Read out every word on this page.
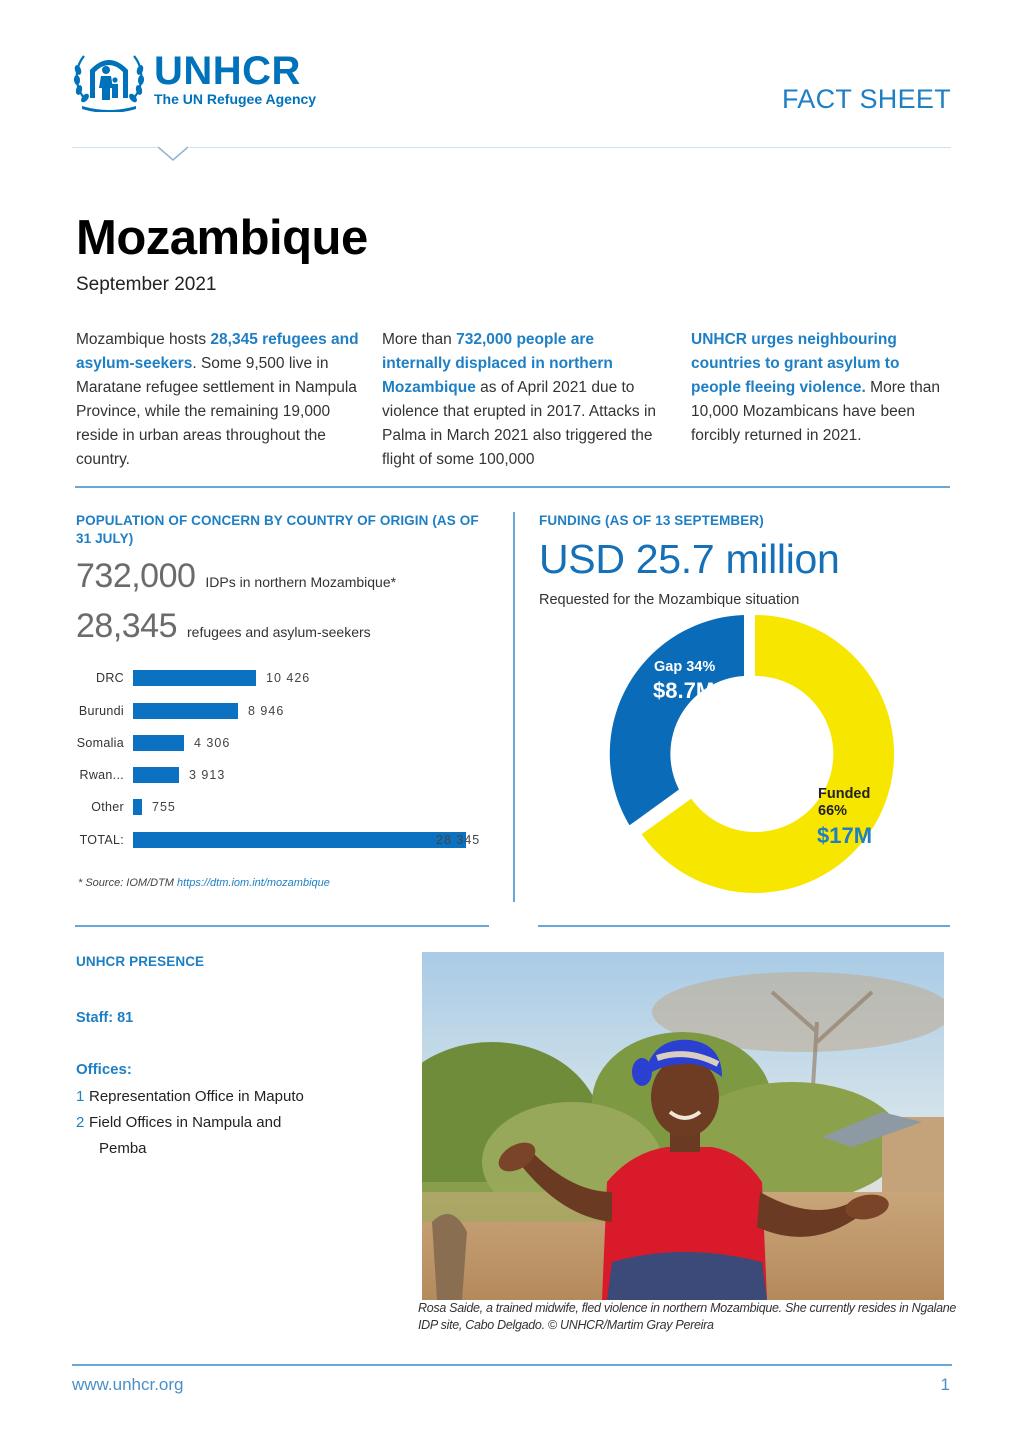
UNHCR
The UN Refugee Agency	FACT SHEET
Mozambique
September 2021

Mozambique hosts 28,345 refugees and asylum-seekers. Some 9,500 live in Maratane refugee settlement in Nampula Province, while the remaining 19,000 reside in urban areas throughout the country.

More than 732,000 people are internally displaced in northern Mozambique as of April 2021 due to violence that erupted in 2017. Attacks in Palma in March 2021 also triggered the flight of some 100,000

UNHCR urges neighbouring countries to grant asylum to people fleeing violence. More than 10,000 Mozambicans have been forcibly returned in 2021.

POPULATION OF CONCERN BY COUNTRY OF ORIGIN (AS OF 31 JULY)
732,000 IDPs in northern Mozambique*
28,345 refugees and asylum-seekers
DRC	10 426
Burundi	8 946
Somalia	4 306
Rwan...	3 913
Other	755
TOTAL:	28 345
* Source: IOM/DTM https://dtm.iom.int/mozambique
FUNDING (AS OF 13 SEPTEMBER)
USD 25.7 million
Requested for the Mozambique situation
Gap 34%
$8.7M
Funded 66%
$17M
UNHCR PRESENCE
Staff: 81
Offices:
1 Representation Office in Maputo
2 Field Offices in Nampula and
Pemba

Rosa Saide, a trained midwife, fled violence in northern Mozambique. She currently resides in Ngalane IDP site, Cabo Delgado. © UNHCR/Martim Gray Pereira

www.unhcr.org	1
